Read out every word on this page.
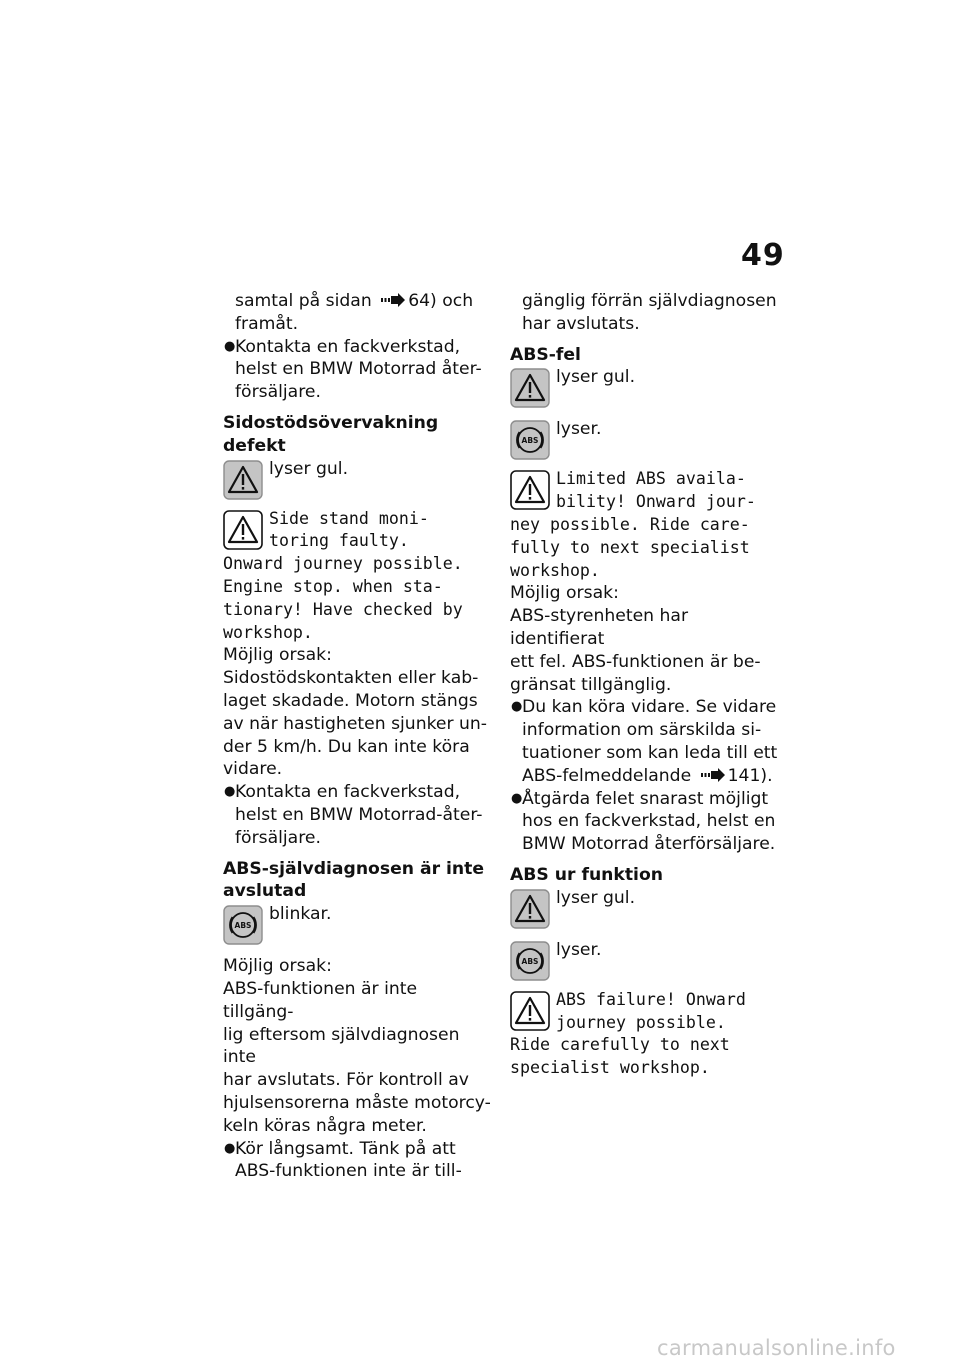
49

samtal på sidan 64) och

framåt.

● Kontakta en fackverkstad,
helst en BMW Motorrad åter-
försäljare.

Sidostödsövervakning defekt

lyser gul.
Side stand moni-
toring faulty.
Onward journey possible.
Engine stop. when sta-
tionary! Have checked by
workshop.

Möjlig orsak:

Sidostödskontakten eller kab-

laget skadade. Motorn stängs

av när hastigheten sjunker un-

der 5 km/h. Du kan inte köra

vidare.

● Kontakta en fackverkstad,
helst en BMW Motorrad-åter-
försäljare.

ABS-självdiagnosen är inte
avslutad

ABS
blinkar.

Möjlig orsak:

ABS-funktionen är inte tillgäng-

lig eftersom självdiagnosen inte

har avslutats. För kontroll av

hjulsensorerna måste motorcy-

keln köras några meter.

● Kör långsamt. Tänk på att
ABS-funktionen inte är till-

gänglig förrän självdiagnosen

har avslutats.

ABS-fel

lyser gul.
ABS
lyser.
Limited ABS availa-
bility! Onward jour-
ney possible. Ride care-
fully to next specialist
workshop.

Möjlig orsak:

ABS-styrenheten har identifierat

ett fel. ABS-funktionen är be-

gränsat tillgänglig.

● Du kan köra vidare. Se vidare
information om särskilda si-
tuationer som kan leda till ett
ABS-felmeddelande 141).
● Åtgärda felet snarast möjligt
hos en fackverkstad, helst en
BMW Motorrad återförsäljare.

ABS ur funktion

lyser gul.
ABS
lyser.
ABS failure! Onward
journey possible.
Ride carefully to next
specialist workshop.
carmanualsonline.info
